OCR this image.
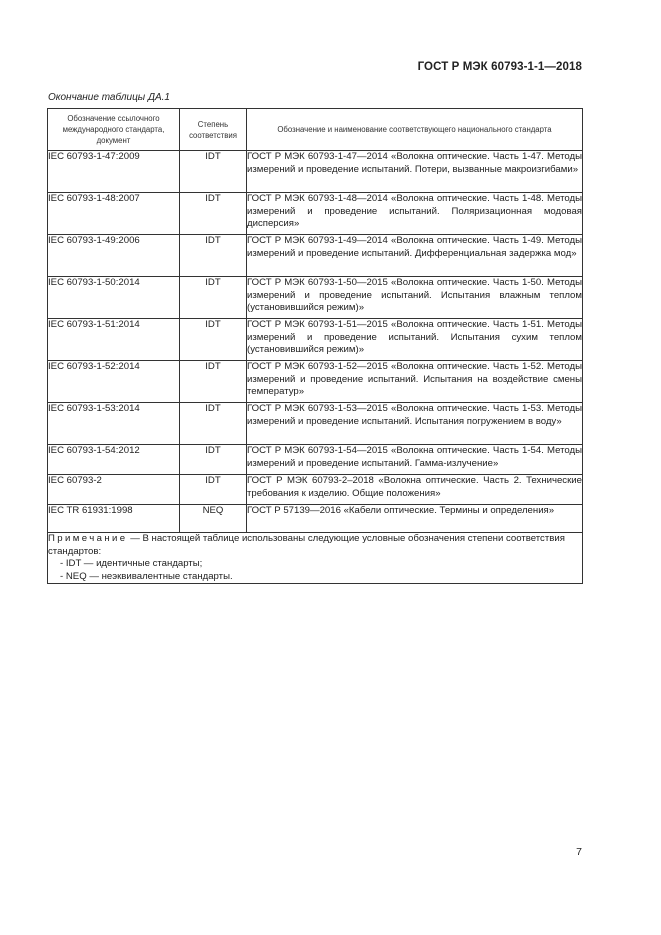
ГОСТ Р МЭК 60793-1-1—2018
Окончание таблицы ДА.1
Обозначение ссылочного международного стандарта, документ	Степень соответствия	Обозначение и наименование соответствующего национального стандарта
IEC 60793-1-47:2009	IDT	ГОСТ Р МЭК 60793-1-47—2014 «Волокна оптические. Часть 1-47. Методы измерений и проведение испытаний. Потери, вызванные макроизгибами»
IEC 60793-1-48:2007	IDT	ГОСТ Р МЭК 60793-1-48—2014 «Волокна оптические. Часть 1-48. Методы измерений и проведение испытаний. Поляризационная модовая дисперсия»
IEC 60793-1-49:2006	IDT	ГОСТ Р МЭК 60793-1-49—2014 «Волокна оптические. Часть 1-49. Методы измерений и проведение испытаний. Дифференциальная задержка мод»
IEC 60793-1-50:2014	IDT	ГОСТ Р МЭК 60793-1-50—2015 «Волокна оптические. Часть 1-50. Методы измерений и проведение испытаний. Испытания влажным теплом (установившийся режим)»
IEC 60793-1-51:2014	IDT	ГОСТ Р МЭК 60793-1-51—2015 «Волокна оптические. Часть 1-51. Методы измерений и проведение испытаний. Испытания сухим теплом (установившийся режим)»
IEC 60793-1-52:2014	IDT	ГОСТ Р МЭК 60793-1-52—2015 «Волокна оптические. Часть 1-52. Методы измерений и проведение испытаний. Испытания на воздействие смены температур»
IEC 60793-1-53:2014	IDT	ГОСТ Р МЭК 60793-1-53—2015 «Волокна оптические. Часть 1-53. Методы измерений и проведение испытаний. Испытания погружением в воду»
IEC 60793-1-54:2012	IDT	ГОСТ Р МЭК 60793-1-54—2015 «Волокна оптические. Часть 1-54. Методы измерений и проведение испытаний. Гамма-излучение»
IEC 60793-2	IDT	ГОСТ Р МЭК 60793-2–2018 «Волокна оптические. Часть 2. Технические требования к изделию. Общие положения»
IEC TR 61931:1998	NEQ	ГОСТ Р 57139—2016 «Кабели оптические. Термины и определения»
Примечание — В настоящей таблице использованы следующие условные обозначения степени соответствия стандартов:
- IDT — идентичные стандарты;
- NEQ — неэквивалентные стандарты.		
7
